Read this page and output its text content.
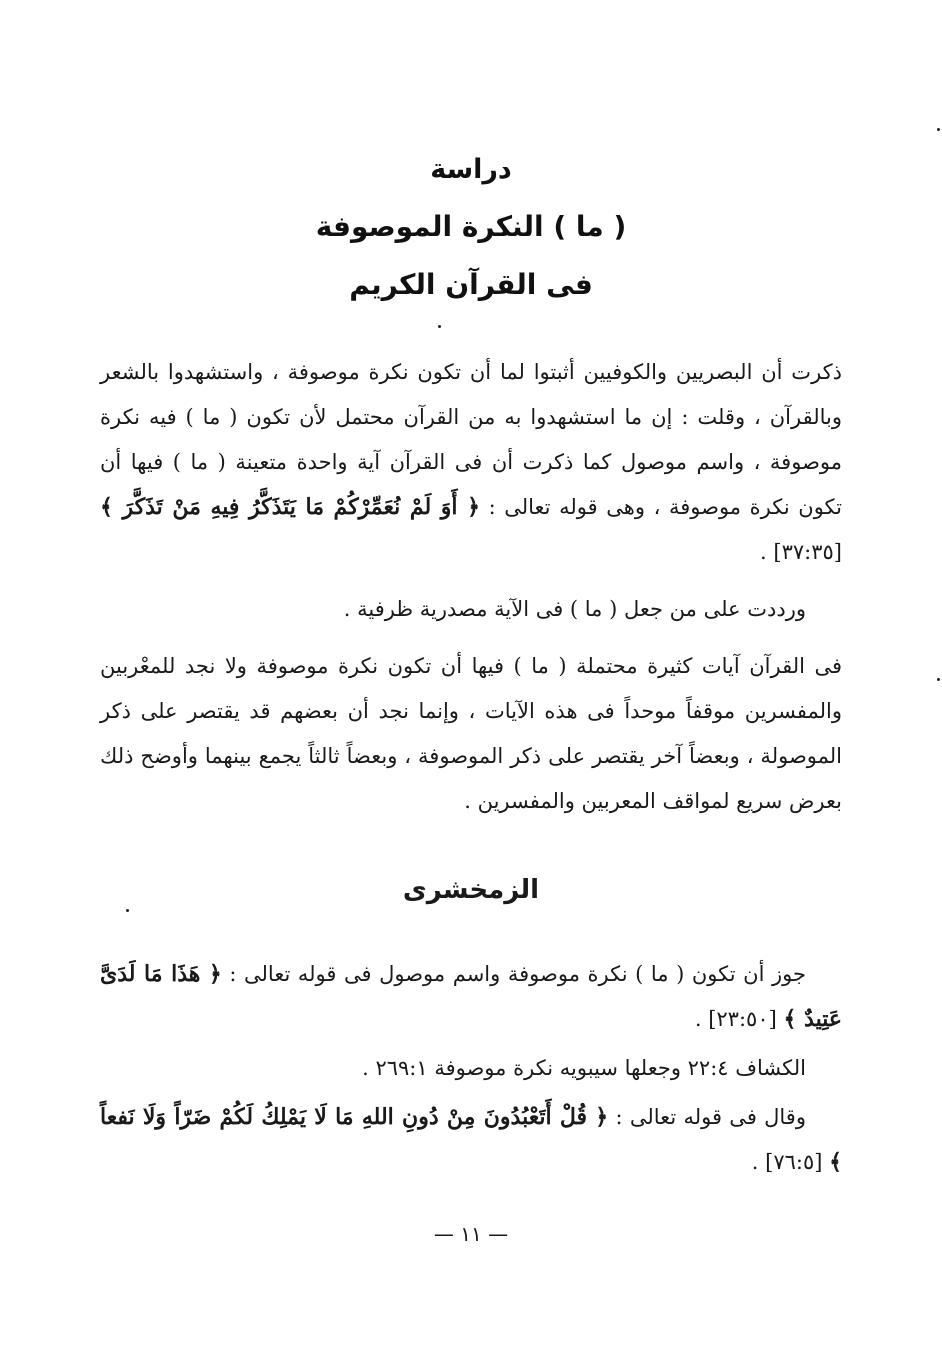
دراسة
( ما ) النكرة الموصوفة
فى القرآن الكريم

ذكرت أن البصريين والكوفيين أثبتوا لما أن تكون نكرة موصوفة ، واستشهدوا بالشعر وبالقرآن ، وقلت : إن ما استشهدوا به من القرآن محتمل لأن تكون ( ما ) فيه نكرة موصوفة ، واسم موصول كما ذكرت أن فى القرآن آية واحدة متعينة ( ما ) فيها أن تكون نكرة موصوفة ، وهى قوله تعالى : ﴿ أَوَ لَمْ نُعَمِّرْكُمْ مَا يَتَذَكَّرُ فِيهِ مَنْ تَذَكَّرَ ﴾ [٣٧:٣٥] .

ورددت على من جعل ( ما ) فى الآية مصدرية ظرفية .

فى القرآن آيات كثيرة محتملة ( ما ) فيها أن تكون نكرة موصوفة ولا نجد للمعْربين والمفسرين موقفاً موحداً فى هذه الآيات ، وإنما نجد أن بعضهم قد يقتصر على ذكر الموصولة ، وبعضاً آخر يقتصر على ذكر الموصوفة ، وبعضاً ثالثاً يجمع بينهما وأوضح ذلك بعرض سريع لمواقف المعربين والمفسرين .

الزمخشرى

جوز أن تكون ( ما ) نكرة موصوفة واسم موصول فى قوله تعالى : ﴿ هَذَا مَا لَدَىَّ عَتِيدٌ ﴾ [٢٣:٥٠] .

الكشاف ٢٢:٤ وجعلها سيبويه نكرة موصوفة ٢٦٩:١ .

وقال فى قوله تعالى : ﴿ قُلْ أَتَعْبُدُونَ مِنْ دُونِ اللهِ مَا لَا يَمْلِكُ لَكُمْ ضَرّاً وَلَا نَفعاً ﴾ [٧٦:٥] .

— ١١ —
